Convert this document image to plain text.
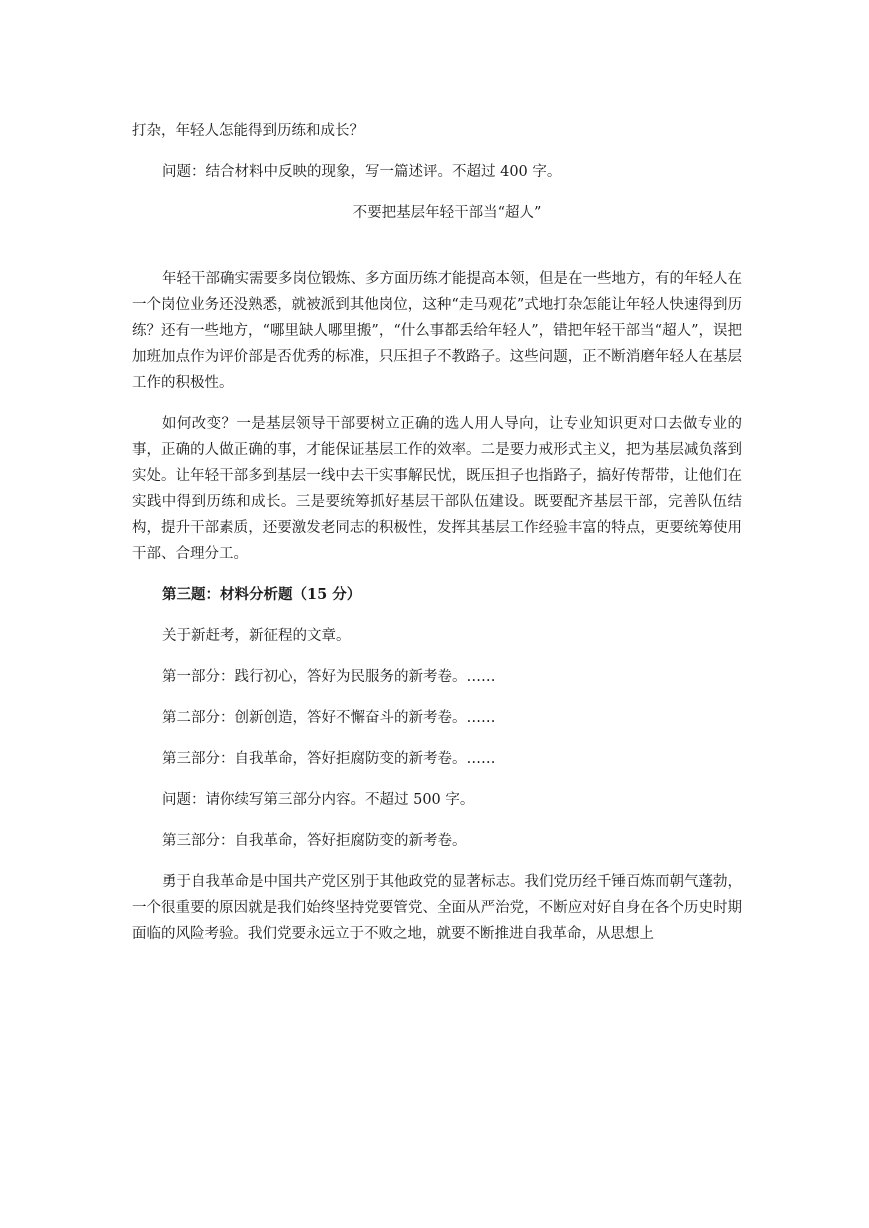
打杂，年轻人怎能得到历练和成长？

问题：结合材料中反映的现象，写一篇述评。不超过 400 字。

不要把基层年轻干部当“超人”

年轻干部确实需要多岗位锻炼、多方面历练才能提高本领，但是在一些地方，有的年轻人在一个岗位业务还没熟悉，就被派到其他岗位，这种“走马观花”式地打杂怎能让年轻人快速得到历练？还有一些地方，“哪里缺人哪里搬”，“什么事都丢给年轻人”，错把年轻干部当“超人”，误把加班加点作为评价部是否优秀的标准，只压担子不教路子。这些问题，正不断消磨年轻人在基层工作的积极性。

如何改变？一是基层领导干部要树立正确的选人用人导向，让专业知识更对口去做专业的事，正确的人做正确的事，才能保证基层工作的效率。二是要力戒形式主义，把为基层减负落到实处。让年轻干部多到基层一线中去干实事解民忧，既压担子也指路子，搞好传帮带，让他们在实践中得到历练和成长。三是要统筹抓好基层干部队伍建设。既要配齐基层干部，完善队伍结构，提升干部素质，还要激发老同志的积极性，发挥其基层工作经验丰富的特点，更要统筹使用干部、合理分工。

第三题：材料分析题（15 分）

关于新赶考，新征程的文章。

第一部分：践行初心，答好为民服务的新考卷。……

第二部分：创新创造，答好不懈奋斗的新考卷。……

第三部分：自我革命，答好拒腐防变的新考卷。……

问题：请你续写第三部分内容。不超过 500 字。

第三部分：自我革命，答好拒腐防变的新考卷。

勇于自我革命是中国共产党区别于其他政党的显著标志。我们党历经千锤百炼而朝气蓬勃，一个很重要的原因就是我们始终坚持党要管党、全面从严治党，不断应对好自身在各个历史时期面临的风险考验。我们党要永远立于不败之地，就要不断推进自我革命，从思想上
